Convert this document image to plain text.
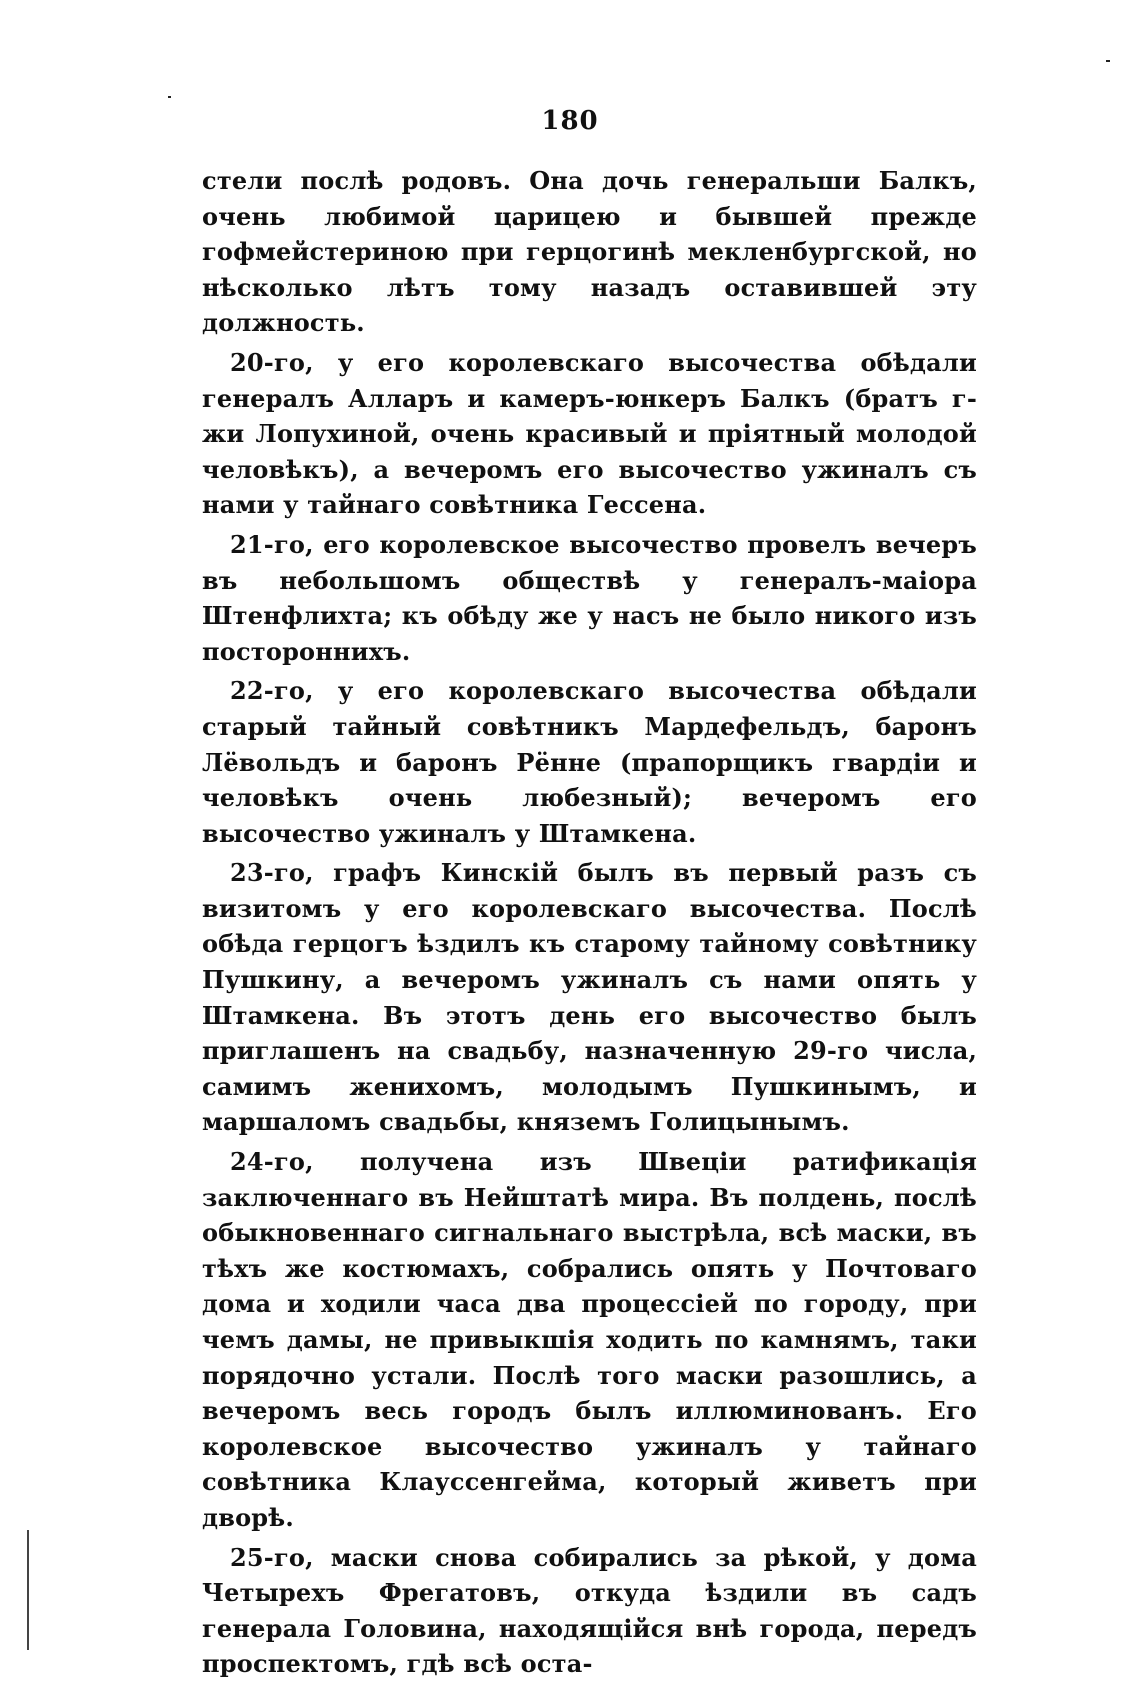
180

стели послѣ родовъ. Она дочь генеральши Балкъ, очень любимой царицею и бывшей прежде гофмейстериною при герцогинѣ мекленбургской, но нѣсколько лѣтъ тому назадъ оставившей эту должность.

20-го, у его королевскаго высочества обѣдали генералъ Алларъ и камеръ-юнкеръ Балкъ (братъ г-жи Лопухиной, очень красивый и пріятный молодой человѣкъ), а вечеромъ его высочество ужиналъ съ нами у тайнаго совѣтника Гессена.

21-го, его королевское высочество провелъ вечеръ въ небольшомъ обществѣ у генералъ-маіора Штенфлихта; къ обѣду же у насъ не было никого изъ постороннихъ.

22-го, у его королевскаго высочества обѣдали старый тайный совѣтникъ Мардефельдъ, баронъ Лёвольдъ и баронъ Рённе (прапорщикъ гвардіи и человѣкъ очень любезный); вечеромъ его высочество ужиналъ у Штамкена.

23-го, графъ Кинскій былъ въ первый разъ съ визитомъ у его королевскаго высочества. Послѣ обѣда герцогъ ѣздилъ къ старому тайному совѣтнику Пушкину, а вечеромъ ужиналъ съ нами опять у Штамкена. Въ этотъ день его высочество былъ приглашенъ на свадьбу, назначенную 29-го числа, самимъ женихомъ, молодымъ Пушкинымъ, и маршаломъ свадьбы, княземъ Голицынымъ.

24-го, получена изъ Швеціи ратификація заключеннаго въ Нейштатѣ мира. Въ полдень, послѣ обыкновеннаго сигнальнаго выстрѣла, всѣ маски, въ тѣхъ же костюмахъ, собрались опять у Почтоваго дома и ходили часа два процессіей по городу, при чемъ дамы, не привыкшія ходить по камнямъ, таки порядочно устали. Послѣ того маски разошлись, а вечеромъ весь городъ былъ иллюминованъ. Его королевское высочество ужиналъ у тайнаго совѣтника Клауссенгейма, который живетъ при дворѣ.

25-го, маски снова собирались за рѣкой, у дома Четырехъ Фрегатовъ, откуда ѣздили въ садъ генерала Головина, находящійся внѣ города, передъ проспектомъ, гдѣ всѣ оста-
